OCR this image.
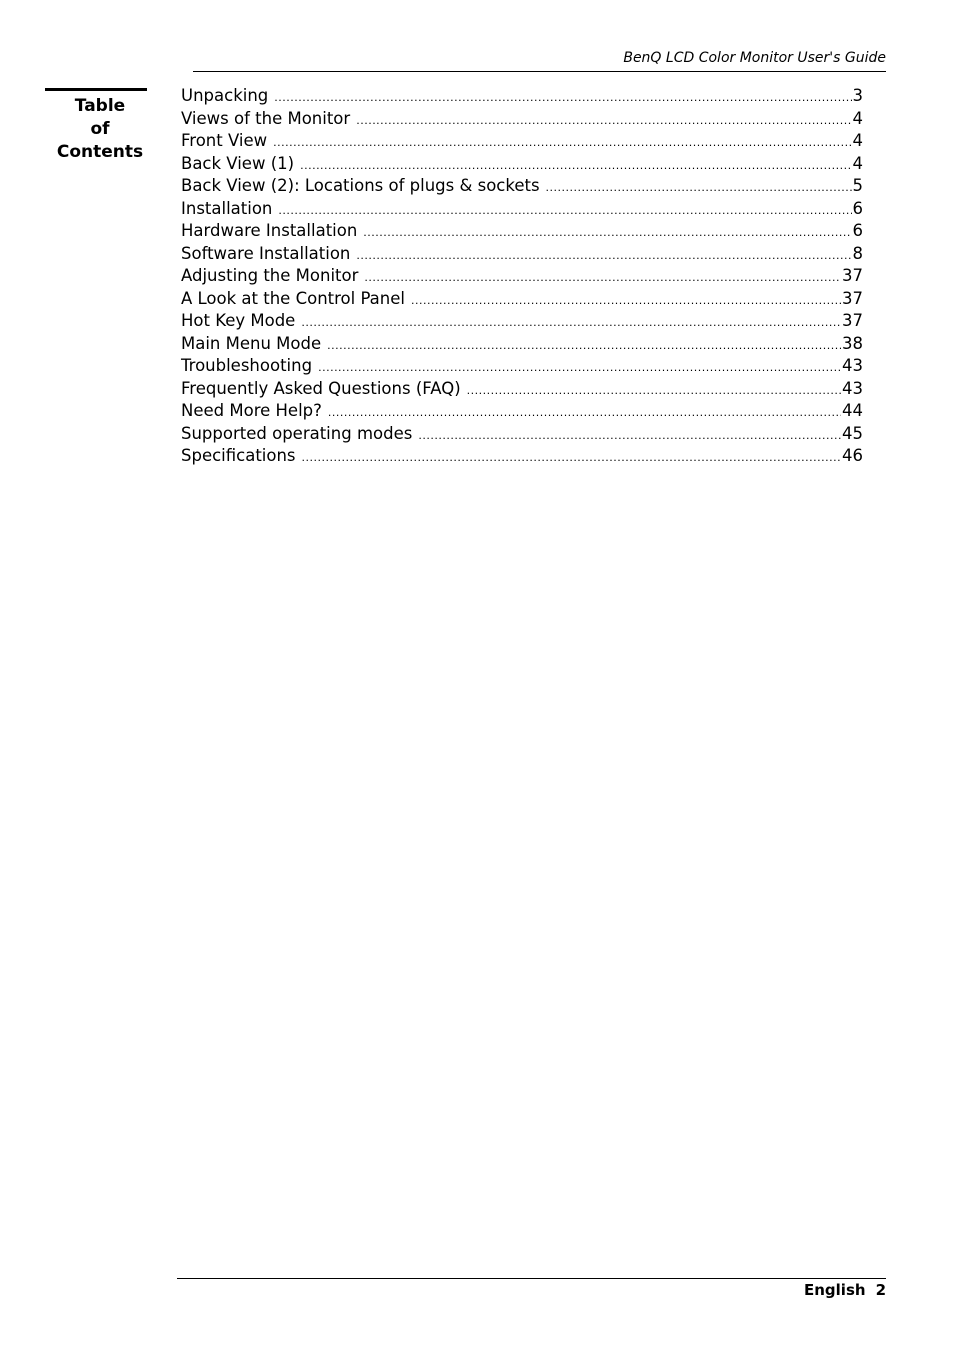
BenQ LCD Color Monitor User's Guide
Table
of
Contents
Unpacking .....	3
Views of the Monitor .....	4
Front View .....	4
Back View (1) .....	4
Back View (2): Locations of plugs & sockets .....	5
Installation .....	6
Hardware Installation .....	6
Software Installation .....	8
Adjusting the Monitor .....	37
A Look at the Control Panel .....	37
Hot Key Mode .....	37
Main Menu Mode .....	38
Troubleshooting .....	43
Frequently Asked Questions (FAQ) .....	43
Need More Help? .....	44
Supported operating modes .....	45
Specifications .....	46
English 2
